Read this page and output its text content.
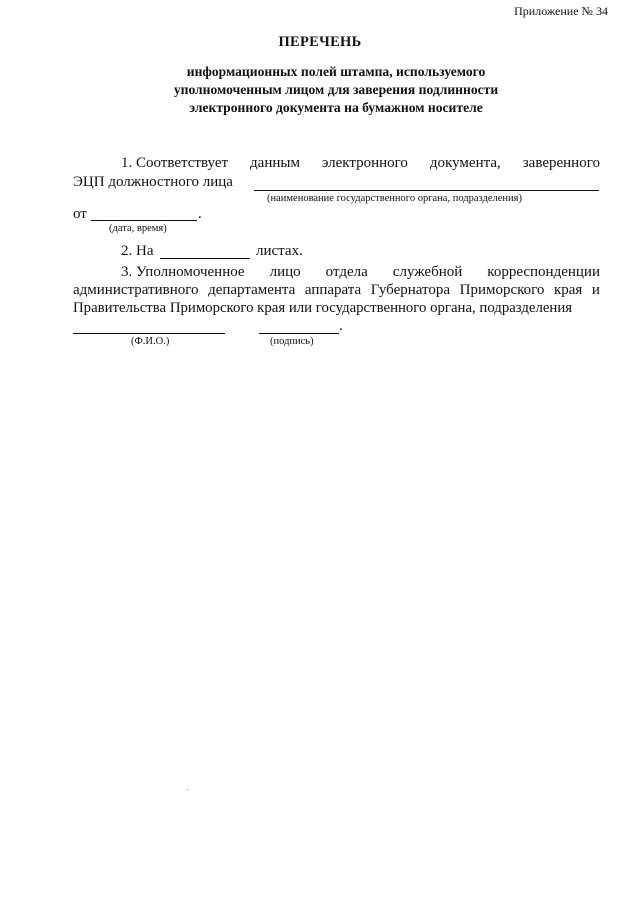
Приложение № 34
ПЕРЕЧЕНЬ
информационных полей штампа, используемого
уполномоченным лицом для заверения подлинности
электронного документа на бумажном носителе
1. Соответствует данным электронного документа, заверенного
ЭЦП должностного лица
(наименование государственного органа, подразделения)
от	.
(дата, время)
2. На	листах.
3. Уполномоченное лицо отдела служебной корреспонденции
административного департамента аппарата Губернатора Приморского края и
Правительства Приморского края или государственного органа, подразделения
.
(Ф.И.О.)	(подпись)
